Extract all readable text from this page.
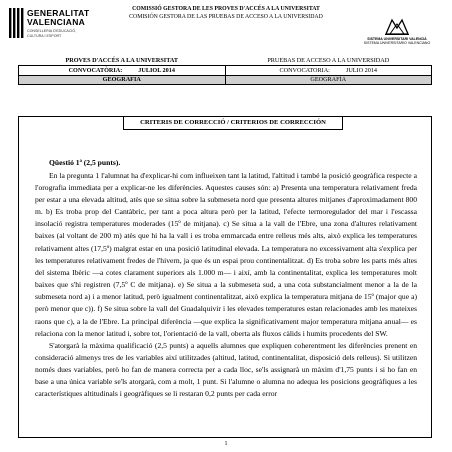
GENERALITAT
VALENCIANA
CONSELLERIA D'EDUCACIÓ, CULTURA I ESPORT
COMISSIÓ GESTORA DE LES PROVES D'ACCÉS A LA UNIVERSITAT
COMISIÓN GESTORA DE LAS PRUEBAS DE ACCESO A LA UNIVERSIDAD
SISTEMA UNIVERSITARI VALENCIÀ
SISTEMA UNIVERSITARIO VALENCIANO
PROVES D'ACCÉS A LA UNIVERSITAT	PRUEBAS DE ACCESO A LA UNIVERSIDAD
CONVOCATÒRIA: JULIOL 2014	CONVOCATORIA: JULIO 2014
GEOGRAFIA	GEOGRAFÍA
CRITERIS DE CORRECCIÓ / CRITERIOS DE CORRECCIÓN
Qüestió 1ª (2,5 punts).

En la pregunta 1 l'alumnat ha d'explicar-hi com influeixen tant la latitud, l'altitud i també la posició geogràfica respecte a l'orografia immediata per a explicar-ne les diferències. Aquestes causes són: a) Presenta una temperatura relativament freda per estar a una elevada altitud, atès que se situa sobre la submeseta nord que presenta altures mitjanes d'aproximadament 800 m. b) Es troba prop del Cantàbric, per tant a poca altura però per la latitud, l'efecte termoregulador del mar i l'escassa insolació registra temperatures moderades (15º de mitjana). c) Se situa a la vall de l'Ebre, una zona d'altures relativament baixes (al voltant de 200 m) atès que hi ha la vall i es troba emmarcada entre relleus més alts, això explica les temperatures relativament altes (17,5º) malgrat estar en una posició latitudinal elevada. La temperatura no excessivament alta s'explica per les temperatures relativament fredes de l'hivern, ja que és un espai prou continentalitzat. d) Es troba sobre les parts més altes del sistema Ibèric —a cotes clarament superiors als 1.000 m— i així, amb la continentalitat, explica les temperatures molt baixes que s'hi registren (7,5º C de mitjana). e) Se situa a la submeseta sud, a una cota substancialment menor a la de la submeseta nord a) i a menor latitud, però igualment continentalitzat, això explica la temperatura mitjana de 15º (major que a) però menor que c)). f) Se situa sobre la vall del Guadalquivir i les elevades temperatures estan relacionades amb les mateixes raons que c), a la de l'Ebre. La principal diferència —que explica la significativament major temperatura mitjana anual— es relaciona con la menor latitud i, sobre tot, l'orientació de la vall, oberta als fluxos càlids i humits procedents del SW.

S'atorgarà la màxima qualificació (2,5 punts) a aquells alumnes que expliquen coherentment les diferències prenent en consideració almenys tres de les variables així utilitzades (altitud, latitud, continentalitat, disposició dels relleus). Si utilitzen només dues variables, però ho fan de manera correcta per a cada lloc, se'ls assignarà un màxim d'1,75 punts i si ho fan en base a una única variable se'ls atorgarà, com a molt, 1 punt. Si l'alumne o alumna no adequa les posicions geogràfiques a les característiques altitudinals i geogràfiques se li restaran 0,2 punts per cada error

1
